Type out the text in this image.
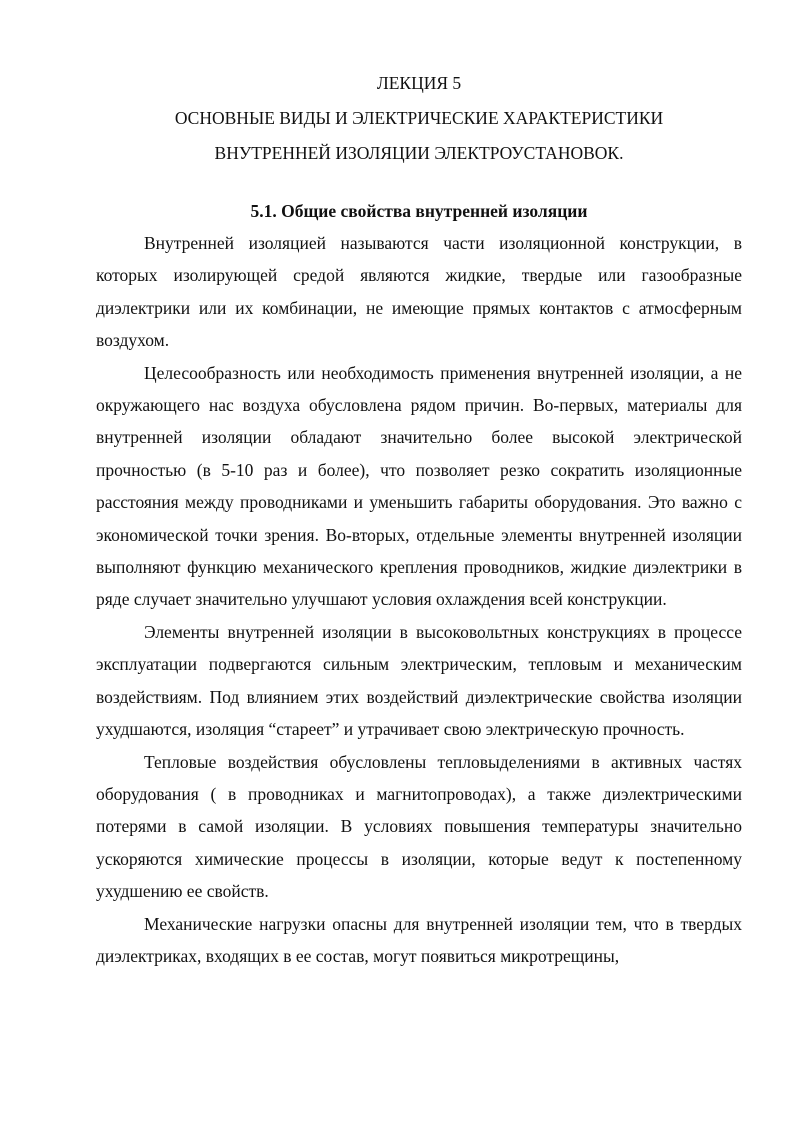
ЛЕКЦИЯ 5

ОСНОВНЫЕ ВИДЫ И ЭЛЕКТРИЧЕСКИЕ ХАРАКТЕРИСТИКИ

ВНУТРЕННЕЙ ИЗОЛЯЦИИ ЭЛЕКТРОУСТАНОВОК.

5.1. Общие свойства внутренней изоляции

Внутренней изоляцией называются части изоляционной конструкции, в которых изолирующей средой являются жидкие, твердые или газообразные диэлектрики или их комбинации, не имеющие прямых контактов с атмосферным воздухом.

Целесообразность или необходимость применения внутренней изоляции, а не окружающего нас воздуха обусловлена рядом причин. Во-первых, материалы для внутренней изоляции обладают значительно более высокой электрической прочностью (в 5-10 раз и более), что позволяет резко сократить изоляционные расстояния между проводниками и уменьшить габариты оборудования. Это важно с экономической точки зрения. Во-вторых, отдельные элементы внутренней изоляции выполняют функцию механического крепления проводников, жидкие диэлектрики в ряде случает значительно улучшают условия охлаждения всей конструкции.

Элементы внутренней изоляции в высоковольтных конструкциях в процессе эксплуатации подвергаются сильным электрическим, тепловым и механическим воздействиям. Под влиянием этих воздействий диэлектрические свойства изоляции ухудшаются, изоляция “стареет” и утрачивает свою электрическую прочность.

Тепловые воздействия обусловлены тепловыделениями в активных частях оборудования ( в проводниках и магнитопроводах), а также диэлектрическими потерями в самой изоляции. В условиях повышения температуры значительно ускоряются химические процессы в изоляции, которые ведут к постепенному ухудшению ее свойств.

Механические нагрузки опасны для внутренней изоляции тем, что в твердых диэлектриках, входящих в ее состав, могут появиться микротрещины,
